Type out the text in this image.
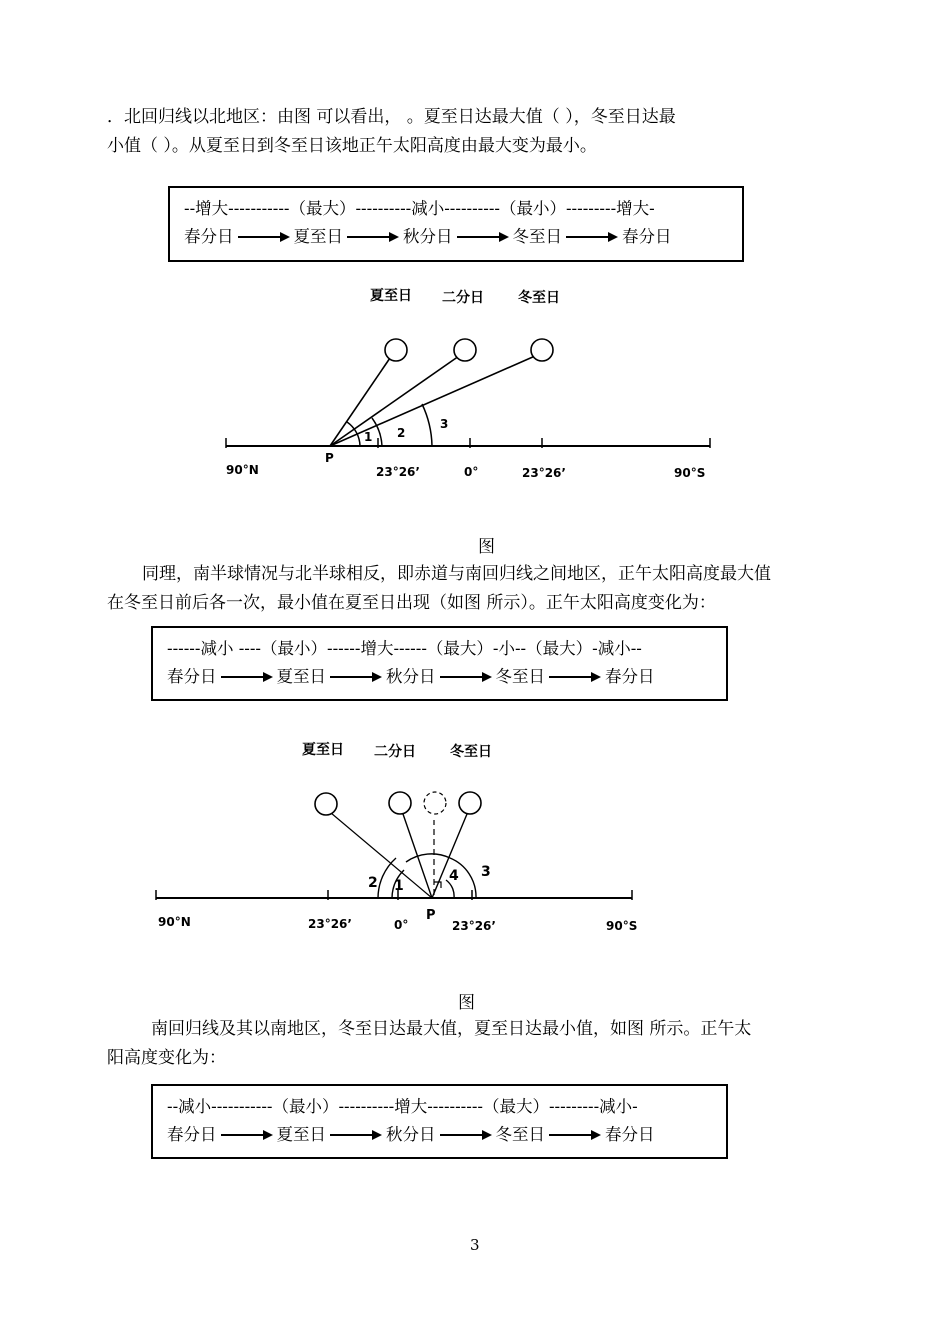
．北回归线以北地区：由图 可以看出， 。夏至日达最大值（ ），冬至日达最

小值（ ）。从夏至日到冬至日该地正午太阳高度由最大变为最小。

--增大-----------（最大）----------减小----------（最小）---------增大-
春分日	夏至日	秋分日	冬至日	春分日
夏至日 二分日 冬至日
1 2
3
P
90°N	23°26’	0°	23°26’	90°S
图

同理，南半球情况与北半球相反，即赤道与南回归线之间地区，正午太阳高度最大值

在冬至日前后各一次，最小值在夏至日出现（如图 所示）。正午太阳高度变化为：

------减小 ----（最小）------增大------（最大）-小--（最大）-减小--
春分日	夏至日	秋分日	冬至日	春分日
夏至日 二分日 冬至日
2 1
4 3
P
90°N	23°26’	0°	23°26’	90°S
图

南回归线及其以南地区，冬至日达最大值，夏至日达最小值，如图 所示。正午太

阳高度变化为：

--减小-----------（最小）----------增大----------（最大）---------减小-
春分日	夏至日	秋分日	冬至日	春分日
3
